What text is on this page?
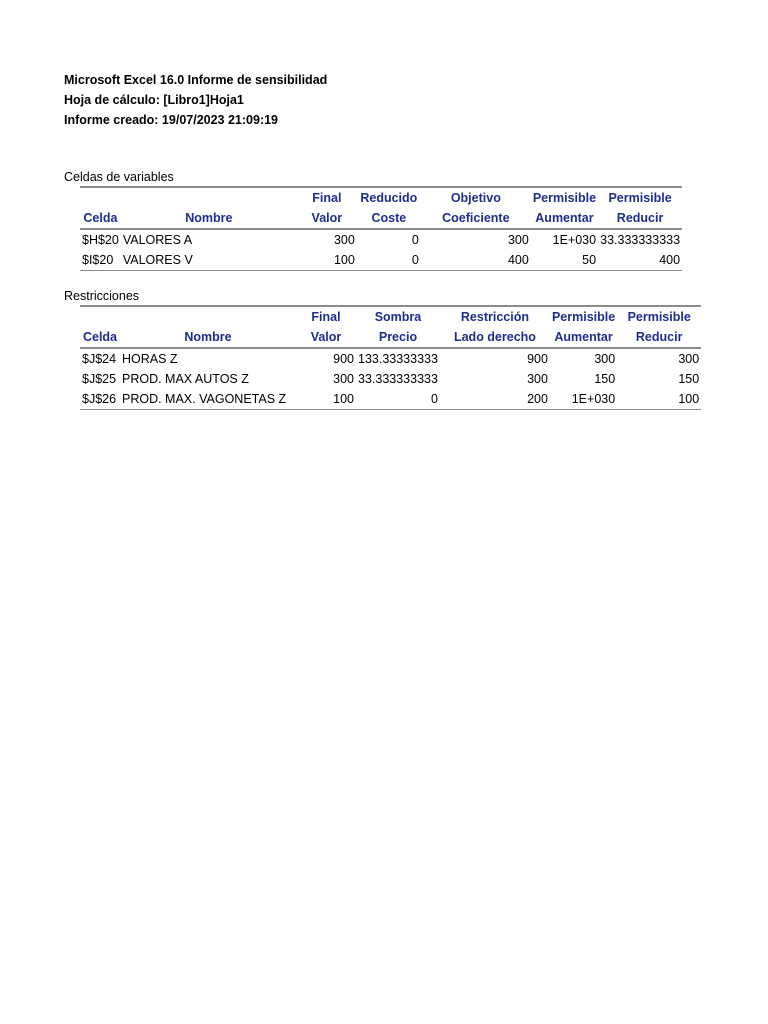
Microsoft Excel 16.0 Informe de sensibilidad
Hoja de cálculo: [Libro1]Hoja1
Informe creado: 19/07/2023 21:09:19
Celdas de variables
		Final	Reducido	Objetivo	Permisible	Permisible
Celda	Nombre	Valor	Coste	Coeficiente	Aumentar	Reducir
$H$20	VALORES A	300	0	300	1E+030	33.333333333
$I$20	VALORES V	100	0	400	50	400
Restricciones
		Final	Sombra	Restricción	Permisible	Permisible
Celda	Nombre	Valor	Precio	Lado derecho	Aumentar	Reducir
$J$24	HORAS Z	900	133.33333333	900	300	300
$J$25	PROD. MAX AUTOS Z	300	33.333333333	300	150	150
$J$26	PROD. MAX. VAGONETAS Z	100	0	200	1E+030	100
